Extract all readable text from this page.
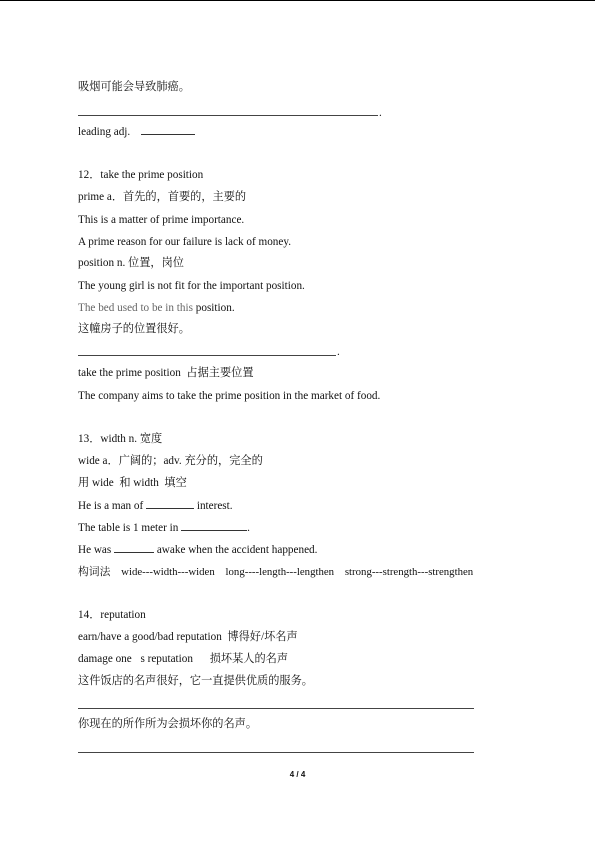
吸烟可能会导致肺癌。
.
leading adj.
12．take the prime position
prime a．首先的，首要的，主要的
This is a matter of prime importance.
A prime reason for our failure is lack of money.
position n. 位置，岗位
The young girl is not fit for the important position.
The bed used to be in this position.
这幢房子的位置很好。
.
take the prime position  占据主要位置
The company aims to take the prime position in the market of food.
13．width n. 宽度
wide a．广阔的；adv. 充分的，完全的
用 wide  和 width  填空
He is a man of	interest.
The table is 1 meter in	.
He was	awake when the accident happened.
构词法    wide---width---widen    long----length---lengthen    strong---strength---strengthen
14．reputation
earn/have a good/bad reputation  博得好/坏名声
damage one s reputation      损坏某人的名声
这件饭店的名声很好，它一直提供优质的服务。
你现在的所作所为会损坏你的名声。
4 / 4
